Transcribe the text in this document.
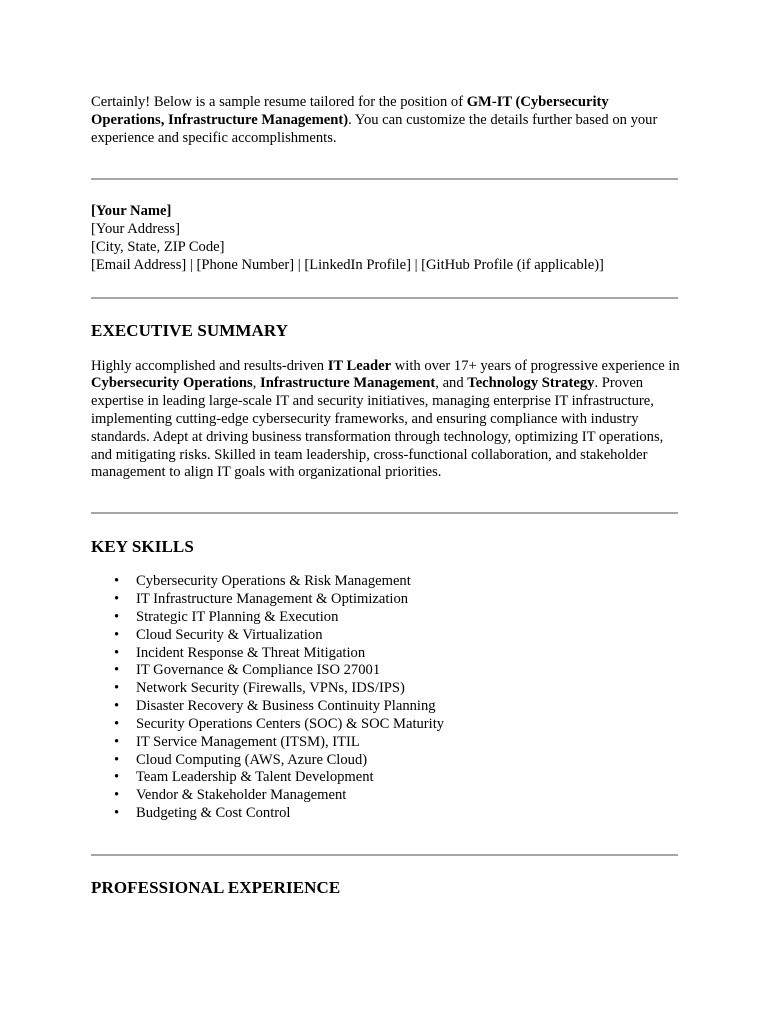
Certainly! Below is a sample resume tailored for the position of GM-IT (Cybersecurity Operations, Infrastructure Management). You can customize the details further based on your experience and specific accomplishments.

[Your Name]

[Your Address]

[City, State, ZIP Code]

[Email Address] | [Phone Number] | [LinkedIn Profile] | [GitHub Profile (if applicable)]

EXECUTIVE SUMMARY

Highly accomplished and results-driven IT Leader with over 17+ years of progressive experience in Cybersecurity Operations, Infrastructure Management, and Technology Strategy. Proven expertise in leading large-scale IT and security initiatives, managing enterprise IT infrastructure, implementing cutting-edge cybersecurity frameworks, and ensuring compliance with industry standards. Adept at driving business transformation through technology, optimizing IT operations, and mitigating risks. Skilled in team leadership, cross-functional collaboration, and stakeholder management to align IT goals with organizational priorities.

KEY SKILLS
• Cybersecurity Operations & Risk Management
• IT Infrastructure Management & Optimization
• Strategic IT Planning & Execution
• Cloud Security & Virtualization
• Incident Response & Threat Mitigation
• IT Governance & Compliance ISO 27001
• Network Security (Firewalls, VPNs, IDS/IPS)
• Disaster Recovery & Business Continuity Planning
• Security Operations Centers (SOC) & SOC Maturity
• IT Service Management (ITSM), ITIL
• Cloud Computing (AWS, Azure Cloud)
• Team Leadership & Talent Development
• Vendor & Stakeholder Management
• Budgeting & Cost Control
PROFESSIONAL EXPERIENCE
